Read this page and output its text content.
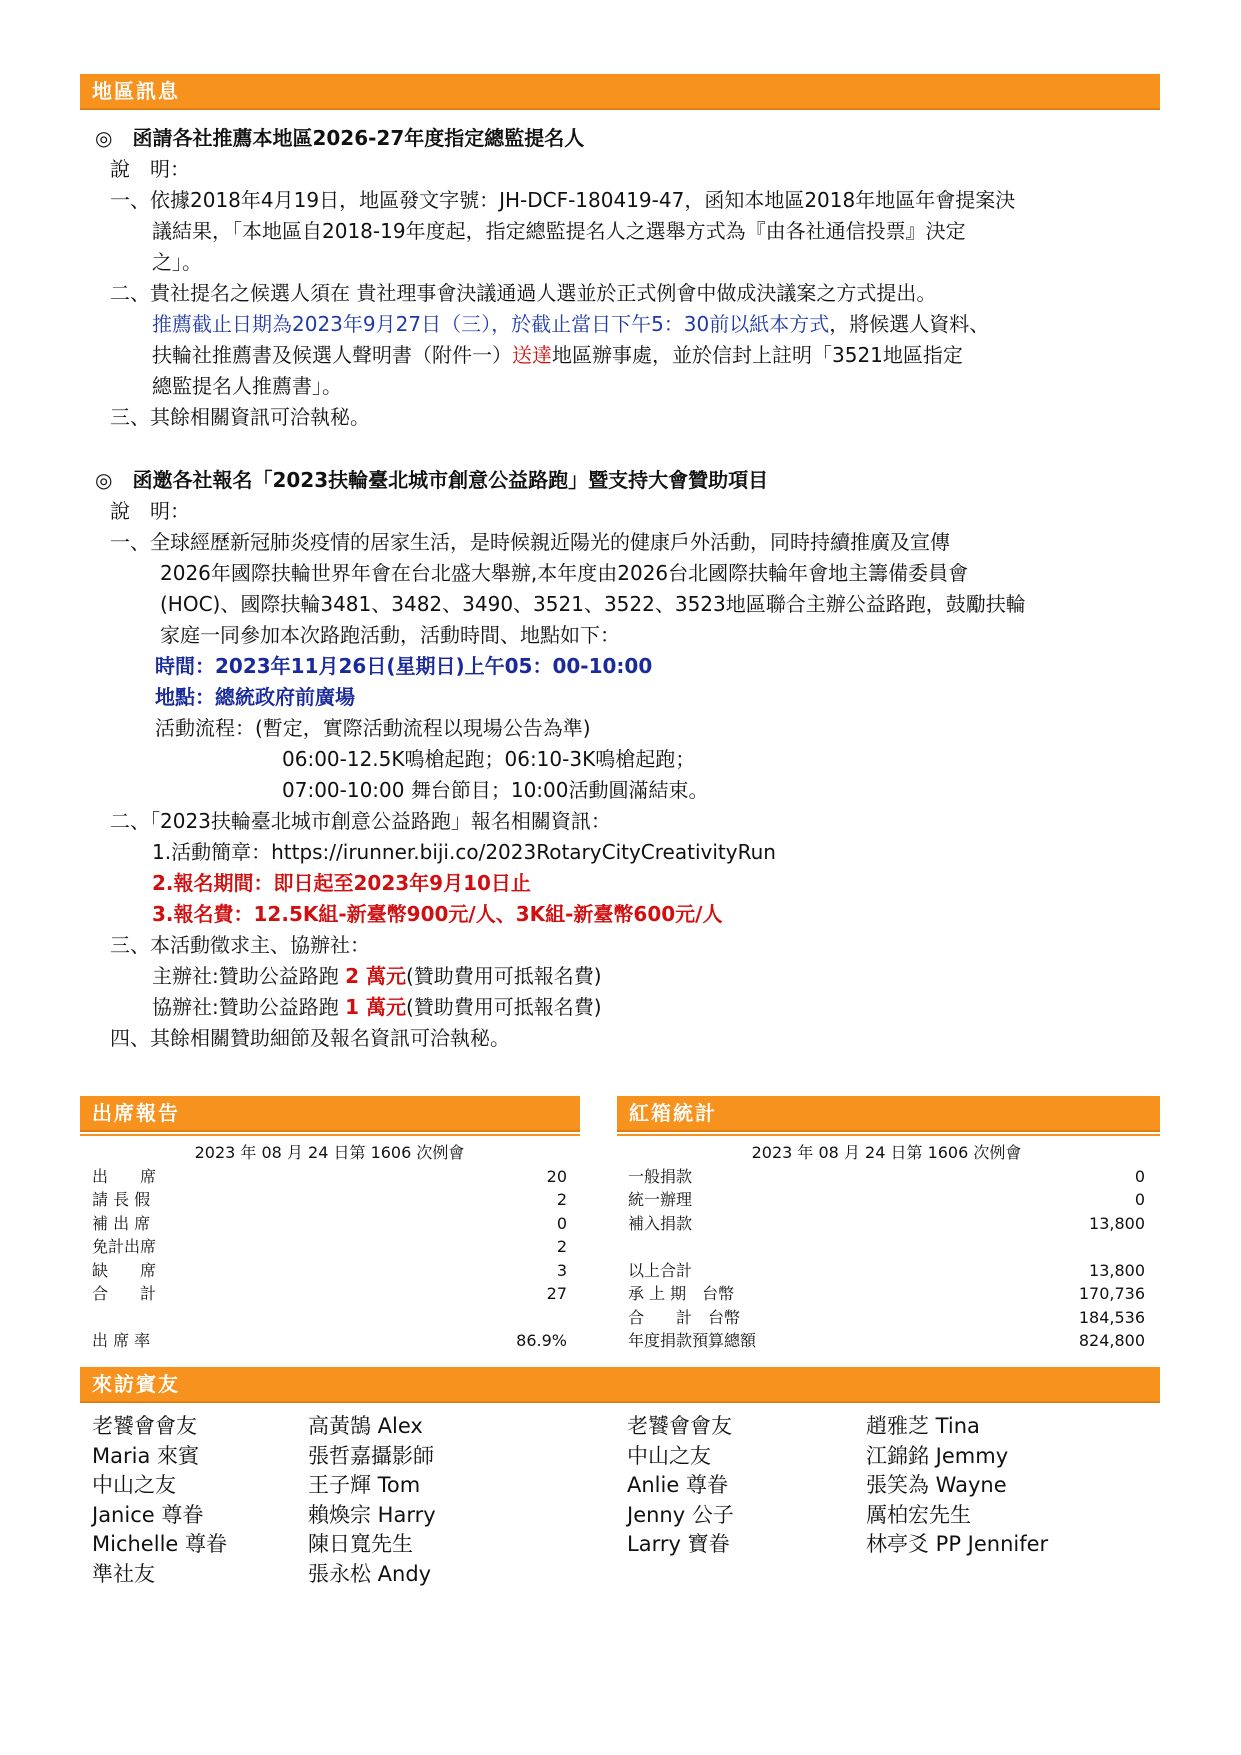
地區訊息
◎　函請各社推薦本地區2026-27年度指定總監提名人
說　明：
一、依據2018年4月19日，地區發文字號：JH-DCF-180419-47，函知本地區2018年地區年會提案決
議結果，「本地區自2018-19年度起，指定總監提名人之選舉方式為『由各社通信投票』決定
之」。
二、貴社提名之候選人須在 貴社理事會決議通過人選並於正式例會中做成決議案之方式提出。
推薦截止日期為2023年9月27日（三），於截止當日下午5：30前以紙本方式，將候選人資料、
扶輪社推薦書及候選人聲明書（附件一）送達地區辦事處，並於信封上註明「3521地區指定
總監提名人推薦書」。
三、其餘相關資訊可洽執秘。
◎　函邀各社報名「2023扶輪臺北城市創意公益路跑」暨支持大會贊助項目
說　明：
一、全球經歷新冠肺炎疫情的居家生活，是時候親近陽光的健康戶外活動，同時持續推廣及宣傳
2026年國際扶輪世界年會在台北盛大舉辦,本年度由2026台北國際扶輪年會地主籌備委員會
(HOC)、國際扶輪3481、3482、3490、3521、3522、3523地區聯合主辦公益路跑，鼓勵扶輪
家庭一同參加本次路跑活動，活動時間、地點如下：
時間：2023年11月26日(星期日)上午05：00-10:00
地點：總統政府前廣場
活動流程：(暫定，實際活動流程以現場公告為準)
06:00-12.5K鳴槍起跑；06:10-3K鳴槍起跑；
07:00-10:00 舞台節目；10:00活動圓滿結束。
二、「2023扶輪臺北城市創意公益路跑」報名相關資訊：
1.活動簡章：https://irunner.biji.co/2023RotaryCityCreativityRun
2.報名期間：即日起至2023年9月10日止
3.報名費：12.5K組-新臺幣900元/人、3K組-新臺幣600元/人
三、本活動徵求主、協辦社：
主辦社:贊助公益路跑 2 萬元(贊助費用可抵報名費)
協辦社:贊助公益路跑 1 萬元(贊助費用可抵報名費)
四、其餘相關贊助細節及報名資訊可洽執秘。
出席報告
2023 年 08 月 24 日第 1606 次例會
出　　席	20
請 長 假	2
補 出 席	0
免計出席	2
缺　　席	3
合　　計	27
出 席 率	86.9%
紅箱統計
2023 年 08 月 24 日第 1606 次例會
一般捐款	0
統一辦理	0
補入捐款	13,800
以上合計	13,800
承 上 期　台幣	170,736
合　　計　台幣	184,536
年度捐款預算總額	824,800
來訪賓友
老饕會會友
Maria 來賓
中山之友
Janice 尊眷
Michelle 尊眷
準社友
高黃鵠 Alex
張哲嘉攝影師
王子輝 Tom
賴煥宗 Harry
陳日寬先生
張永松 Andy
老饕會會友
中山之友
Anlie 尊眷
Jenny 公子
Larry 寶眷
趙雅芝 Tina
江錦銘 Jemmy
張笑為 Wayne
厲柏宏先生
林亭爻 PP Jennifer
